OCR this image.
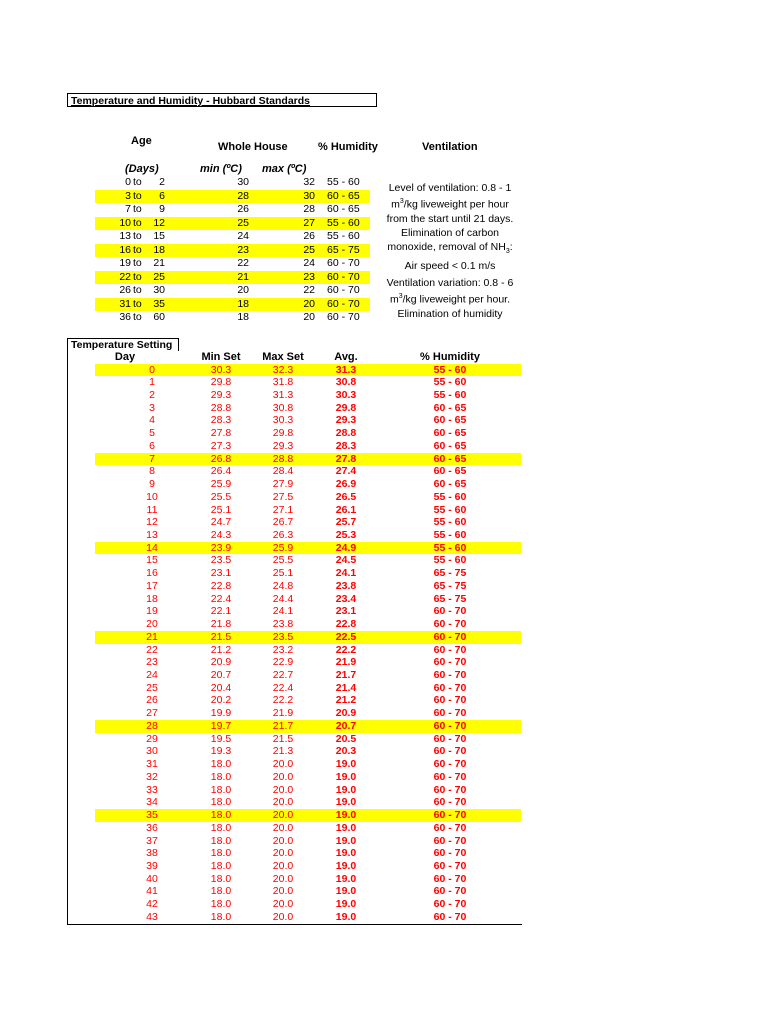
Temperature and Humidity - Hubbard Standards
Age	Whole House	% Humidity	Ventilation
(Days)	min (ºC) max (ºC)
0 to	2	30	32 55 - 60
3 to	6	28	30 60 - 65
7 to	9	26	28 60 - 65
10 to	12	25	27 55 - 60
13 to	15	24	26 55 - 60
16 to	18	23	25 65 - 75
19 to	21	22	24 60 - 70
22 to	25	21	23 60 - 70
26 to	30	20	22 60 - 70
31 to	35	18	20 60 - 70
36 to	60	18	20 60 - 70
Level of ventilation: 0.8 - 1
$m^3/kg$ liveweight per hour
from the start until 21 days.
Elimination of carbon
monoxide, removal of $NH_3$:
Air speed < 0.1 m/s
Ventilation variation: 0.8 - 6
$m^3/kg$ liveweight per hour.
Elimination of humidity
Temperature Setting
Day	Min Set	Max Set	Avg.	% Humidity
0	30.3	32.3	31.3	55 - 60
1	29.8	31.8	30.8	55 - 60
2	29.3	31.3	30.3	55 - 60
3	28.8	30.8	29.8	60 - 65
4	28.3	30.3	29.3	60 - 65
5	27.8	29.8	28.8	60 - 65
6	27.3	29.3	28.3	60 - 65
7	26.8	28.8	27.8	60 - 65
8	26.4	28.4	27.4	60 - 65
9	25.9	27.9	26.9	60 - 65
10	25.5	27.5	26.5	55 - 60
11	25.1	27.1	26.1	55 - 60
12	24.7	26.7	25.7	55 - 60
13	24.3	26.3	25.3	55 - 60
14	23.9	25.9	24.9	55 - 60
15	23.5	25.5	24.5	55 - 60
16	23.1	25.1	24.1	65 - 75
17	22.8	24.8	23.8	65 - 75
18	22.4	24.4	23.4	65 - 75
19	22.1	24.1	23.1	60 - 70
20	21.8	23.8	22.8	60 - 70
21	21.5	23.5	22.5	60 - 70
22	21.2	23.2	22.2	60 - 70
23	20.9	22.9	21.9	60 - 70
24	20.7	22.7	21.7	60 - 70
25	20.4	22.4	21.4	60 - 70
26	20.2	22.2	21.2	60 - 70
27	19.9	21.9	20.9	60 - 70
28	19.7	21.7	20.7	60 - 70
29	19.5	21.5	20.5	60 - 70
30	19.3	21.3	20.3	60 - 70
31	18.0	20.0	19.0	60 - 70
32	18.0	20.0	19.0	60 - 70
33	18.0	20.0	19.0	60 - 70
34	18.0	20.0	19.0	60 - 70
35	18.0	20.0	19.0	60 - 70
36	18.0	20.0	19.0	60 - 70
37	18.0	20.0	19.0	60 - 70
38	18.0	20.0	19.0	60 - 70
39	18.0	20.0	19.0	60 - 70
40	18.0	20.0	19.0	60 - 70
41	18.0	20.0	19.0	60 - 70
42	18.0	20.0	19.0	60 - 70
43	18.0	20.0	19.0	60 - 70
